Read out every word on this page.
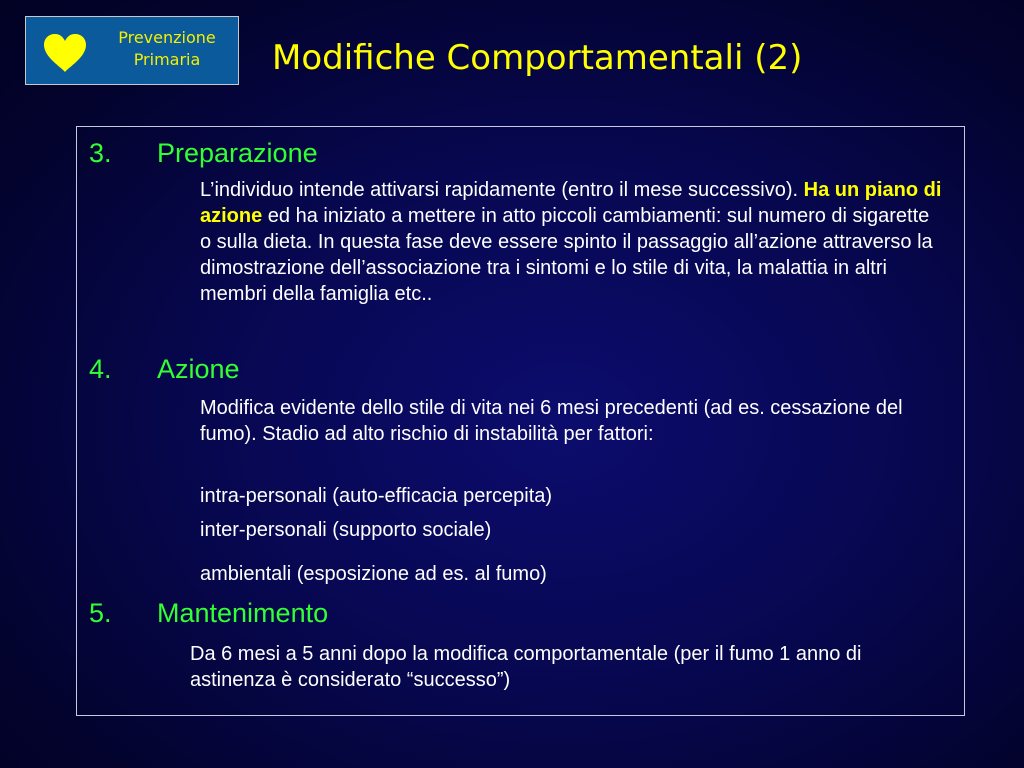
Prevenzione
Primaria	Modifiche Comportamentali (2)
3. Preparazione
L’individuo intende attivarsi rapidamente (entro il mese successivo). Ha un piano di azione ed ha iniziato a mettere in atto piccoli cambiamenti: sul numero di sigarette o sulla dieta. In questa fase deve essere spinto il passaggio all’azione attraverso la dimostrazione dell’associazione tra i sintomi e lo stile di vita, la malattia in altri membri della famiglia etc..
4. Azione
Modifica evidente dello stile di vita nei 6 mesi precedenti (ad es. cessazione del fumo). Stadio ad alto rischio di instabilità per fattori:
intra-personali (auto-efficacia percepita)
inter-personali (supporto sociale)
ambientali (esposizione ad es. al fumo)
5. Mantenimento
Da 6 mesi a 5 anni dopo la modifica comportamentale (per il fumo 1 anno di astinenza è considerato “successo”)
